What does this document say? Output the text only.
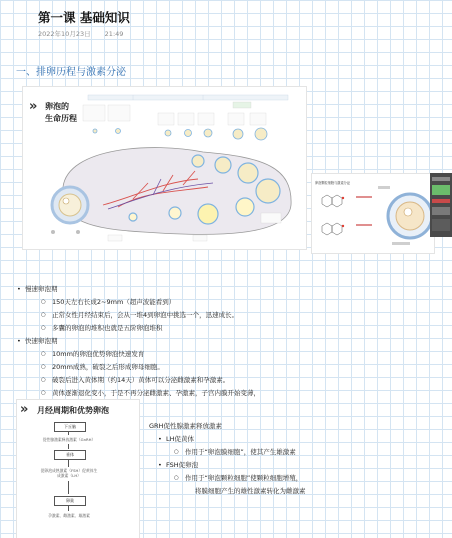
第一课 基础知识
2022年10月23日 21:49
一、排卵历程与激素分泌
» 卵泡的
生命历程
卵泡颗粒细胞与激素分泌
• 慢速卵泡期
○ 150天左右长成2~9mm（超声波能看到）
○ 正常女性月经结束后，会从一堆4到卵泡中挑选一个，迅速成长。
○ 多囊的卵泡的堆积也就是五阶卵泡堆积
• 快速卵泡期
○ 10mm的卵泡优势卵泡快速发育
○ 20mm成熟，破裂之后形成卵母细胞。
○ 破裂后进入黄体期（约14天）黄体可以分泌雌激素和孕激素。
○ 黄体逐渐退化变小，于是不再分泌雌激素、孕激素，子宫内膜开始变薄，
» 月经周期和优势卵泡
下丘脑
促性腺激素释放激素（GnRH）
垂体
促卵泡成熟激素（FSH）促黄体生成激素（LH）
卵巢
孕激素、雌激素、雄激素
GRH促性腺激素释放激素
• LH促黄体
○ 作用于“卵泡膜细胞”，使其产生雄激素
• FSH促卵泡
○ 作用于“卵泡颗粒细胞”使颗粒细胞增殖，
将膜细胞产生的雄性激素转化为雌激素
